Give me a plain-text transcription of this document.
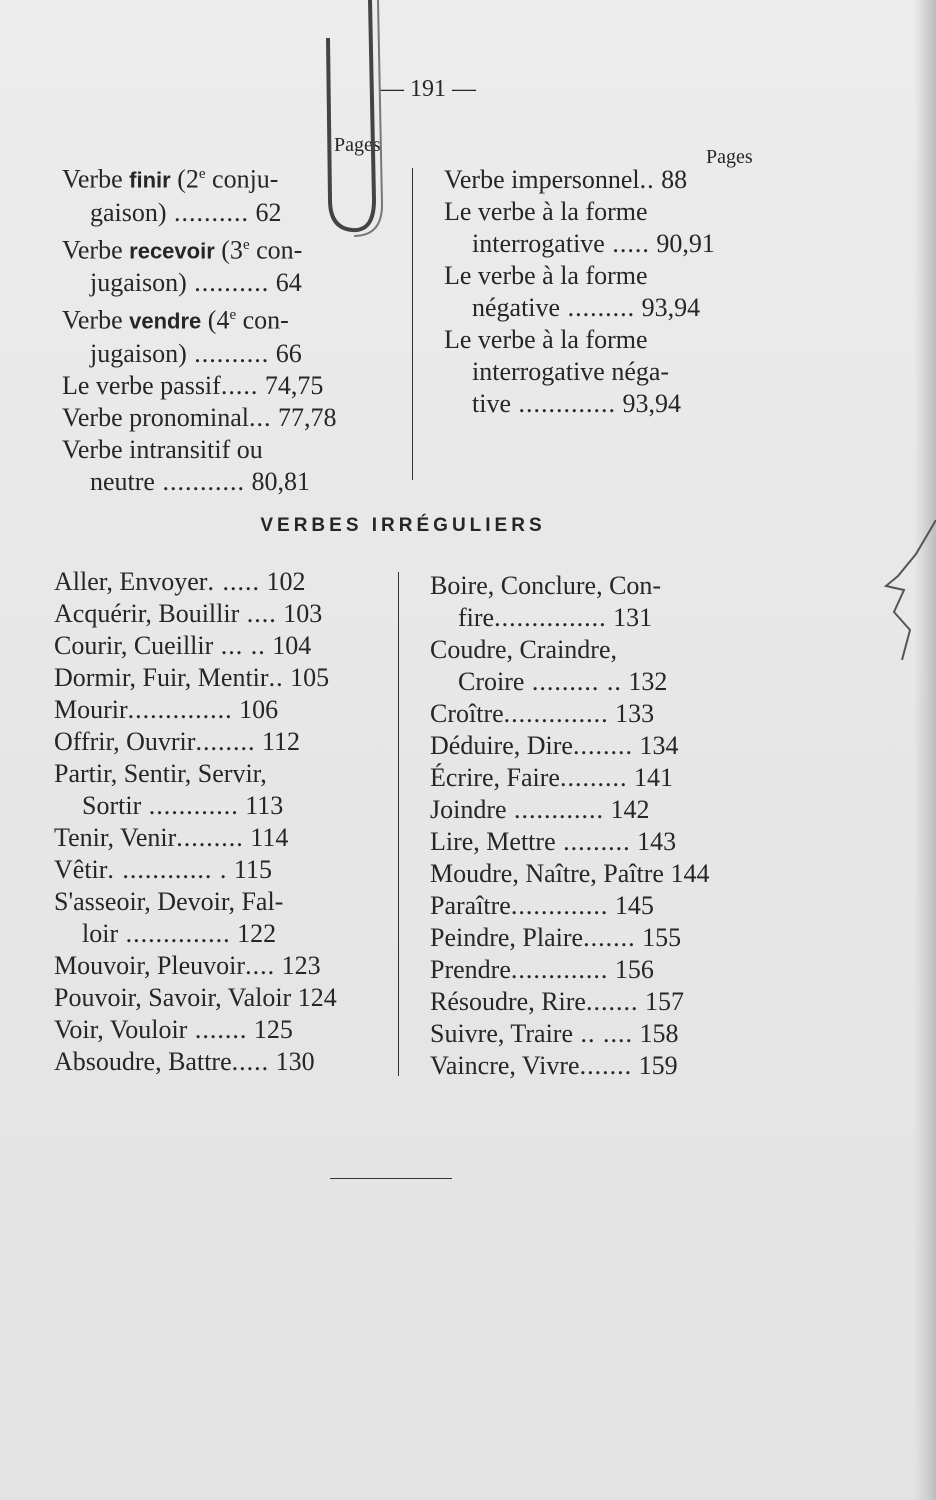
— 191 —
Pages
Pages
Verbe finir (2e conju-
gaison) .......... 62
Verbe recevoir (3e con-
jugaison) .......... 64
Verbe vendre (4e con-
jugaison) .......... 66
Le verbe passif..... 74,75
Verbe pronominal... 77,78
Verbe intransitif ou
neutre ........... 80,81
Verbe impersonnel.. 88
Le verbe à la forme
interrogative ..... 90,91
Le verbe à la forme
négative ......... 93,94
Le verbe à la forme
interrogative néga-
tive ............. 93,94
VERBES IRRÉGULIERS
Aller, Envoyer. ..... 102
Acquérir, Bouillir .... 103
Courir, Cueillir ... .. 104
Dormir, Fuir, Mentir.. 105
Mourir.............. 106
Offrir, Ouvrir........ 112
Partir, Sentir, Servir,
Sortir ............ 113
Tenir, Venir......... 114
Vêtir. ............ . 115
S'asseoir, Devoir, Fal-
loir .............. 122
Mouvoir, Pleuvoir.... 123
Pouvoir, Savoir, Valoir 124
Voir, Vouloir ....... 125
Absoudre, Battre..... 130
Boire, Conclure, Con-
fire............... 131
Coudre, Craindre,
Croire ......... .. 132
Croître.............. 133
Déduire, Dire........ 134
Écrire, Faire......... 141
Joindre ............ 142
Lire, Mettre ......... 143
Moudre, Naître, Paître 144
Paraître............. 145
Peindre, Plaire....... 155
Prendre............. 156
Résoudre, Rire....... 157
Suivre, Traire .. .... 158
Vaincre, Vivre....... 159
